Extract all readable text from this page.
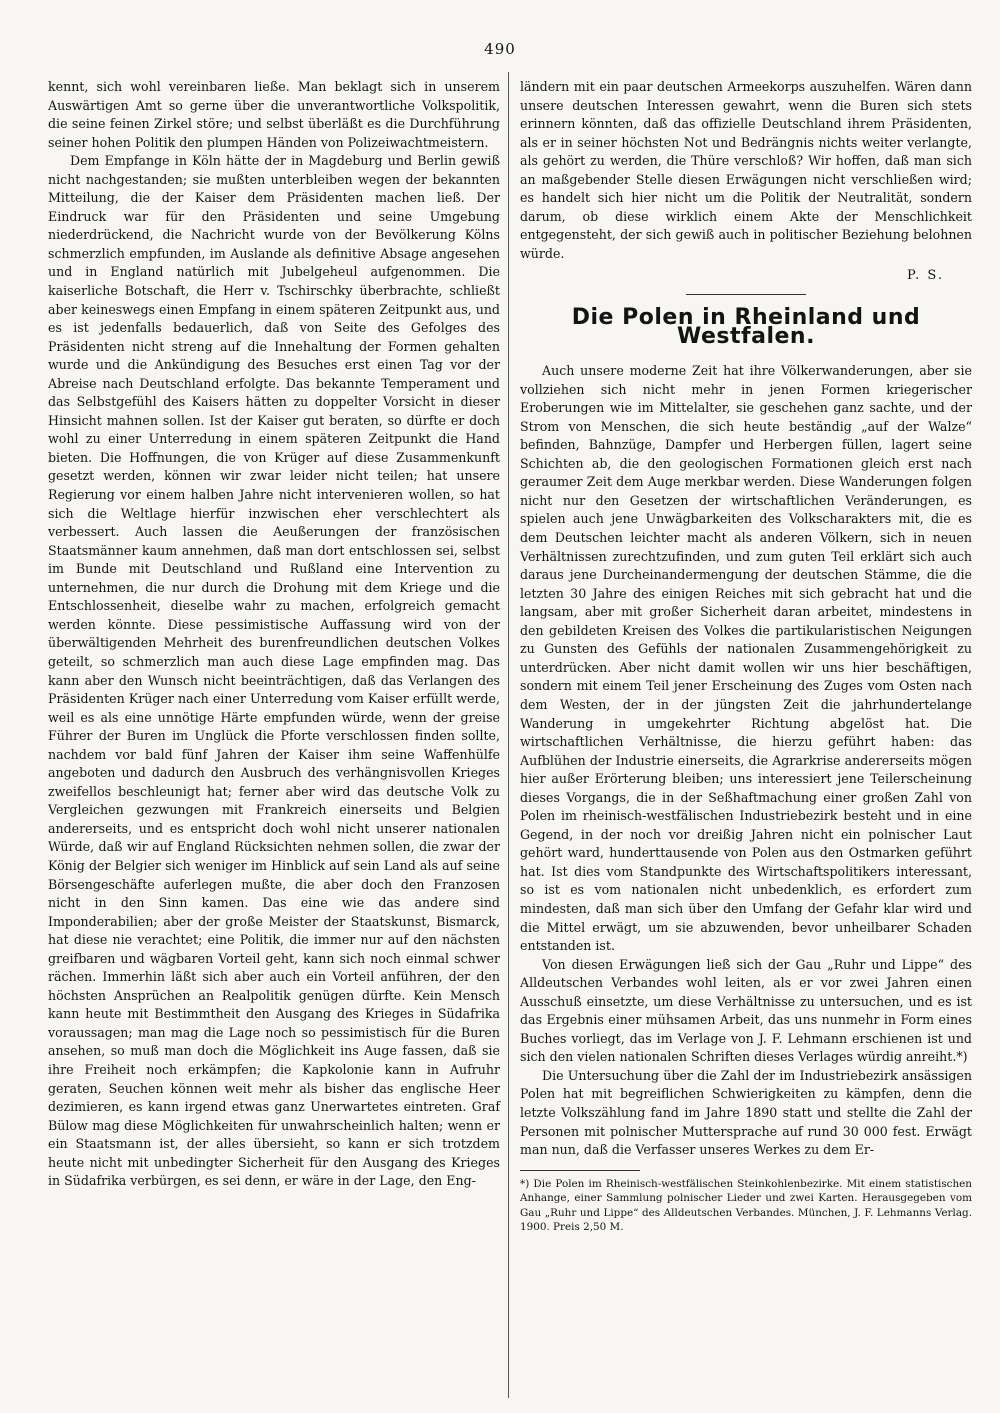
490

kennt, sich wohl vereinbaren ließe. Man beklagt sich in unserem Auswärtigen Amt so gerne über die unverantwortliche Volkspolitik, die seine feinen Zirkel störe; und selbst überläßt es die Durchführung seiner hohen Politik den plumpen Händen von Polizeiwachtmeistern.

Dem Empfange in Köln hätte der in Magdeburg und Berlin gewiß nicht nachgestanden; sie mußten unterbleiben wegen der bekannten Mitteilung, die der Kaiser dem Präsidenten machen ließ. Der Eindruck war für den Präsidenten und seine Umgebung niederdrückend, die Nachricht wurde von der Bevölkerung Kölns schmerzlich empfunden, im Auslande als definitive Absage angesehen und in England natürlich mit Jubelgeheul aufgenommen. Die kaiserliche Botschaft, die Herr v. Tschirschky überbrachte, schließt aber keineswegs einen Empfang in einem späteren Zeitpunkt aus, und es ist jedenfalls bedauerlich, daß von Seite des Gefolges des Präsidenten nicht streng auf die Innehaltung der Formen gehalten wurde und die Ankündigung des Besuches erst einen Tag vor der Abreise nach Deutschland erfolgte. Das bekannte Temperament und das Selbstgefühl des Kaisers hätten zu doppelter Vorsicht in dieser Hinsicht mahnen sollen. Ist der Kaiser gut beraten, so dürfte er doch wohl zu einer Unterredung in einem späteren Zeitpunkt die Hand bieten. Die Hoffnungen, die von Krüger auf diese Zusammenkunft gesetzt werden, können wir zwar leider nicht teilen; hat unsere Regierung vor einem halben Jahre nicht intervenieren wollen, so hat sich die Weltlage hierfür inzwischen eher verschlechtert als verbessert. Auch lassen die Aeußerungen der französischen Staatsmänner kaum annehmen, daß man dort entschlossen sei, selbst im Bunde mit Deutschland und Rußland eine Intervention zu unternehmen, die nur durch die Drohung mit dem Kriege und die Entschlossenheit, dieselbe wahr zu machen, erfolgreich gemacht werden könnte. Diese pessimistische Auffassung wird von der überwältigenden Mehrheit des burenfreundlichen deutschen Volkes geteilt, so schmerzlich man auch diese Lage empfinden mag. Das kann aber den Wunsch nicht beeinträchtigen, daß das Verlangen des Präsidenten Krüger nach einer Unterredung vom Kaiser erfüllt werde, weil es als eine unnötige Härte empfunden würde, wenn der greise Führer der Buren im Unglück die Pforte verschlossen finden sollte, nachdem vor bald fünf Jahren der Kaiser ihm seine Waffenhülfe angeboten und dadurch den Ausbruch des verhängnisvollen Krieges zweifellos beschleunigt hat; ferner aber wird das deutsche Volk zu Vergleichen gezwungen mit Frankreich einerseits und Belgien andererseits, und es entspricht doch wohl nicht unserer nationalen Würde, daß wir auf England Rücksichten nehmen sollen, die zwar der König der Belgier sich weniger im Hinblick auf sein Land als auf seine Börsengeschäfte auferlegen mußte, die aber doch den Franzosen nicht in den Sinn kamen. Das eine wie das andere sind Imponderabilien; aber der große Meister der Staatskunst, Bismarck, hat diese nie verachtet; eine Politik, die immer nur auf den nächsten greifbaren und wägbaren Vorteil geht, kann sich noch einmal schwer rächen. Immerhin läßt sich aber auch ein Vorteil anführen, der den höchsten Ansprüchen an Realpolitik genügen dürfte. Kein Mensch kann heute mit Bestimmtheit den Ausgang des Krieges in Südafrika voraussagen; man mag die Lage noch so pessimistisch für die Buren ansehen, so muß man doch die Möglichkeit ins Auge fassen, daß sie ihre Freiheit noch erkämpfen; die Kapkolonie kann in Aufruhr geraten, Seuchen können weit mehr als bisher das englische Heer dezimieren, es kann irgend etwas ganz Unerwartetes eintreten. Graf Bülow mag diese Möglichkeiten für unwahrscheinlich halten; wenn er ein Staatsmann ist, der alles übersieht, so kann er sich trotzdem heute nicht mit unbedingter Sicherheit für den Ausgang des Krieges in Südafrika verbürgen, es sei denn, er wäre in der Lage, den Eng-

ländern mit ein paar deutschen Armeekorps auszuhelfen. Wären dann unsere deutschen Interessen gewahrt, wenn die Buren sich stets erinnern könnten, daß das offizielle Deutschland ihrem Präsidenten, als er in seiner höchsten Not und Bedrängnis nichts weiter verlangte, als gehört zu werden, die Thüre verschloß? Wir hoffen, daß man sich an maßgebender Stelle diesen Erwägungen nicht verschließen wird; es handelt sich hier nicht um die Politik der Neutralität, sondern darum, ob diese wirklich einem Akte der Menschlichkeit entgegensteht, der sich gewiß auch in politischer Beziehung belohnen würde.

P. S.

Die Polen in Rheinland und Westfalen.

Auch unsere moderne Zeit hat ihre Völkerwanderungen, aber sie vollziehen sich nicht mehr in jenen Formen kriegerischer Eroberungen wie im Mittelalter, sie geschehen ganz sachte, und der Strom von Menschen, die sich heute beständig „auf der Walze“ befinden, Bahnzüge, Dampfer und Herbergen füllen, lagert seine Schichten ab, die den geologischen Formationen gleich erst nach geraumer Zeit dem Auge merkbar werden. Diese Wanderungen folgen nicht nur den Gesetzen der wirtschaftlichen Veränderungen, es spielen auch jene Unwägbarkeiten des Volkscharakters mit, die es dem Deutschen leichter macht als anderen Völkern, sich in neuen Verhältnissen zurechtzufinden, und zum guten Teil erklärt sich auch daraus jene Durcheinandermengung der deutschen Stämme, die die letzten 30 Jahre des einigen Reiches mit sich gebracht hat und die langsam, aber mit großer Sicherheit daran arbeitet, mindestens in den gebildeten Kreisen des Volkes die partikularistischen Neigungen zu Gunsten des Gefühls der nationalen Zusammengehörigkeit zu unterdrücken. Aber nicht damit wollen wir uns hier beschäftigen, sondern mit einem Teil jener Erscheinung des Zuges vom Osten nach dem Westen, der in der jüngsten Zeit die jahrhundertelange Wanderung in umgekehrter Richtung abgelöst hat. Die wirtschaftlichen Verhältnisse, die hierzu geführt haben: das Aufblühen der Industrie einerseits, die Agrarkrise andererseits mögen hier außer Erörterung bleiben; uns interessiert jene Teilerscheinung dieses Vorgangs, die in der Seßhaftmachung einer großen Zahl von Polen im rheinisch-westfälischen Industriebezirk besteht und in eine Gegend, in der noch vor dreißig Jahren nicht ein polnischer Laut gehört ward, hunderttausende von Polen aus den Ostmarken geführt hat. Ist dies vom Standpunkte des Wirtschaftspolitikers interessant, so ist es vom nationalen nicht unbedenklich, es erfordert zum mindesten, daß man sich über den Umfang der Gefahr klar wird und die Mittel erwägt, um sie abzuwenden, bevor unheilbarer Schaden entstanden ist.

Von diesen Erwägungen ließ sich der Gau „Ruhr und Lippe“ des Alldeutschen Verbandes wohl leiten, als er vor zwei Jahren einen Ausschuß einsetzte, um diese Verhältnisse zu untersuchen, und es ist das Ergebnis einer mühsamen Arbeit, das uns nunmehr in Form eines Buches vorliegt, das im Verlage von J. F. Lehmann erschienen ist und sich den vielen nationalen Schriften dieses Verlages würdig anreiht.*)

Die Untersuchung über die Zahl der im Industriebezirk ansässigen Polen hat mit begreiflichen Schwierigkeiten zu kämpfen, denn die letzte Volkszählung fand im Jahre 1890 statt und stellte die Zahl der Personen mit polnischer Muttersprache auf rund 30 000 fest. Erwägt man nun, daß die Verfasser unseres Werkes zu dem Er-

*) Die Polen im Rheinisch-westfälischen Steinkohlenbezirke. Mit einem statistischen Anhange, einer Sammlung polnischer Lieder und zwei Karten. Herausgegeben vom Gau „Ruhr und Lippe“ des Alldeutschen Verbandes. München, J. F. Lehmanns Verlag. 1900. Preis 2,50 M.
